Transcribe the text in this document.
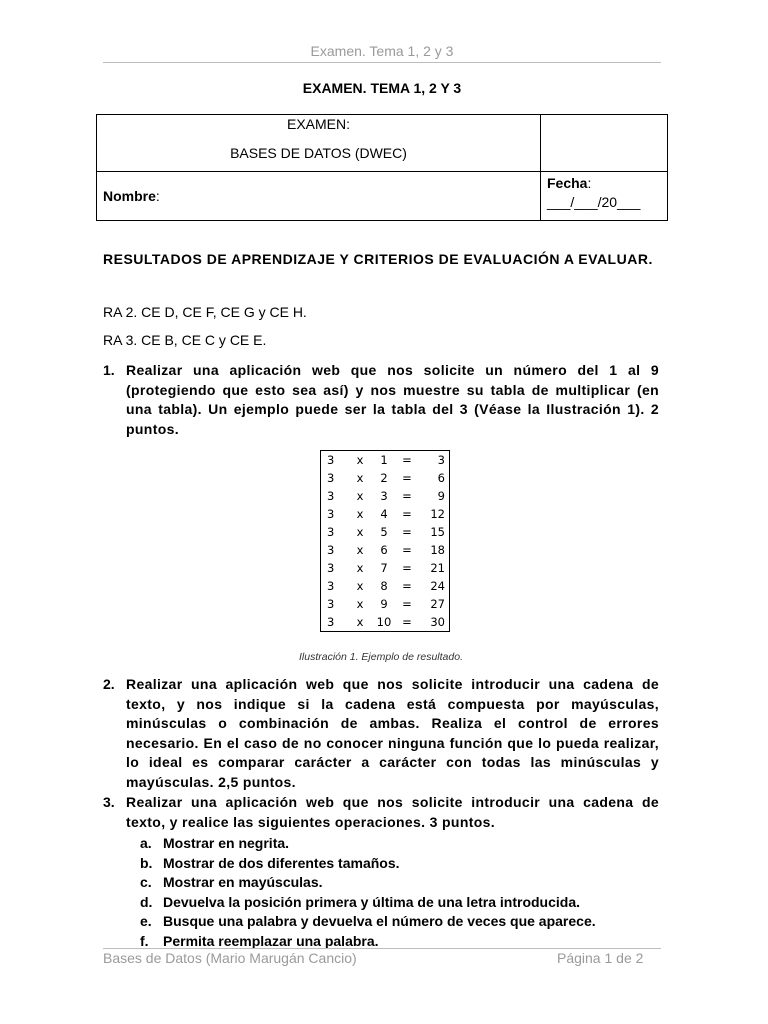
Examen. Tema 1, 2 y 3
EXAMEN. TEMA 1, 2 Y 3
EXAMEN:
BASES DE DATOS (DWEC)	

Nombre:	Fecha:
___/___/20___
RESULTADOS DE APRENDIZAJE Y CRITERIOS DE EVALUACIÓN A EVALUAR.
RA 2. CE D, CE F, CE G y CE H.
RA 3. CE B, CE C y CE E.
1. Realizar una aplicación web que nos solicite un número del 1 al 9 (protegiendo que esto sea así) y nos muestre su tabla de multiplicar (en una tabla). Un ejemplo puede ser la tabla del 3 (Véase la Ilustración 1). 2 puntos.
3	x	1	=	3
3	x	2	=	6
3	x	3	=	9
3	x	4	=	12
3	x	5	=	15
3	x	6	=	18
3	x	7	=	21
3	x	8	=	24
3	x	9	=	27
3	x	10	=	30
Ilustración 1. Ejemplo de resultado.
2. Realizar una aplicación web que nos solicite introducir una cadena de texto, y nos indique si la cadena está compuesta por mayúsculas, minúsculas o combinación de ambas. Realiza el control de errores necesario. En el caso de no conocer ninguna función que lo pueda realizar, lo ideal es comparar carácter a carácter con todas las minúsculas y mayúsculas. 2,5 puntos.
3. Realizar una aplicación web que nos solicite introducir una cadena de texto, y realice las siguientes operaciones. 3 puntos.
a. Mostrar en negrita.
b. Mostrar de dos diferentes tamaños.
c. Mostrar en mayúsculas.
d. Devuelva la posición primera y última de una letra introducida.
e. Busque una palabra y devuelva el número de veces que aparece.
f. Permita reemplazar una palabra.
Bases de Datos (Mario Marugán Cancio)	Página 1 de 2
